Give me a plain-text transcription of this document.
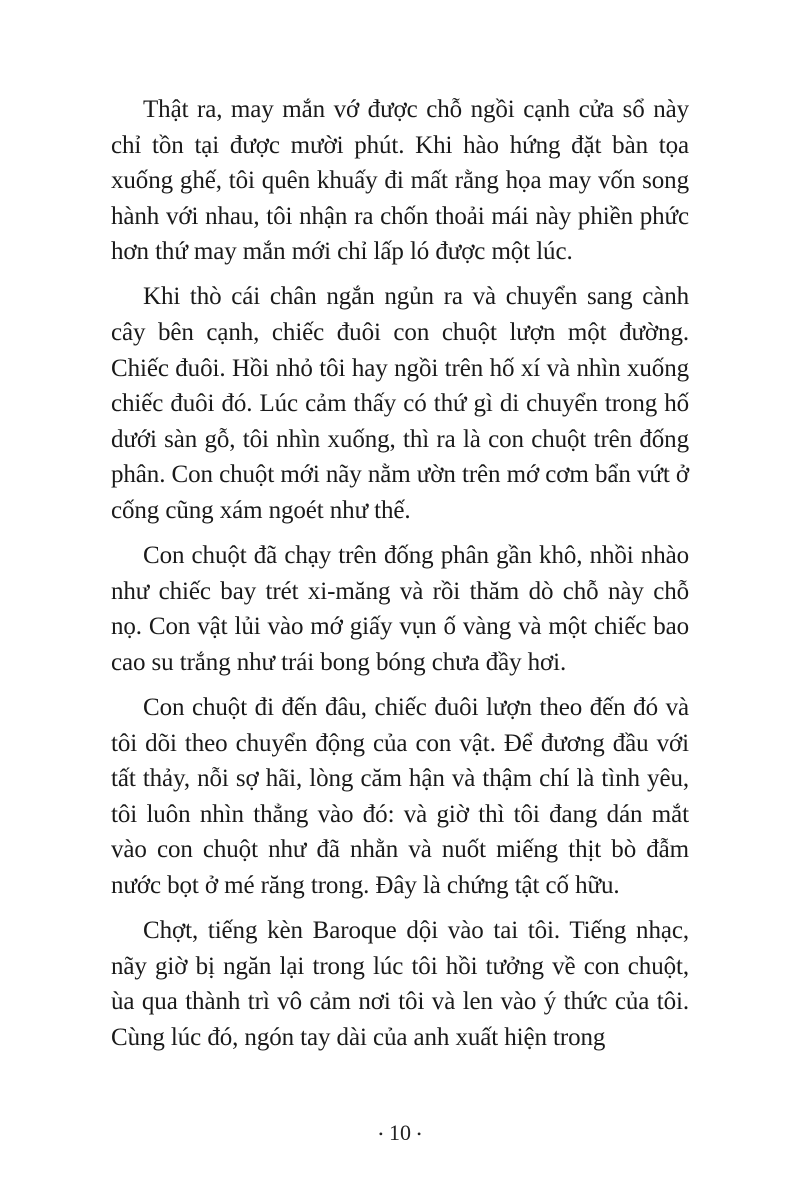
Thật ra, may mắn vớ được chỗ ngồi cạnh cửa sổ này chỉ tồn tại được mười phút. Khi hào hứng đặt bàn tọa xuống ghế, tôi quên khuấy đi mất rằng họa may vốn song hành với nhau, tôi nhận ra chốn thoải mái này phiền phức hơn thứ may mắn mới chỉ lấp ló được một lúc.

Khi thò cái chân ngắn ngủn ra và chuyển sang cành cây bên cạnh, chiếc đuôi con chuột lượn một đường. Chiếc đuôi. Hồi nhỏ tôi hay ngồi trên hố xí và nhìn xuống chiếc đuôi đó. Lúc cảm thấy có thứ gì di chuyển trong hố dưới sàn gỗ, tôi nhìn xuống, thì ra là con chuột trên đống phân. Con chuột mới nãy nằm ườn trên mớ cơm bẩn vứt ở cống cũng xám ngoét như thế.

Con chuột đã chạy trên đống phân gần khô, nhồi nhào như chiếc bay trét xi-măng và rồi thăm dò chỗ này chỗ nọ. Con vật lủi vào mớ giấy vụn ố vàng và một chiếc bao cao su trắng như trái bong bóng chưa đầy hơi.

Con chuột đi đến đâu, chiếc đuôi lượn theo đến đó và tôi dõi theo chuyển động của con vật. Để đương đầu với tất thảy, nỗi sợ hãi, lòng căm hận và thậm chí là tình yêu, tôi luôn nhìn thẳng vào đó: và giờ thì tôi đang dán mắt vào con chuột như đã nhằn và nuốt miếng thịt bò đẫm nước bọt ở mé răng trong. Đây là chứng tật cố hữu.

Chợt, tiếng kèn Baroque dội vào tai tôi. Tiếng nhạc, nãy giờ bị ngăn lại trong lúc tôi hồi tưởng về con chuột, ùa qua thành trì vô cảm nơi tôi và len vào ý thức của tôi. Cùng lúc đó, ngón tay dài của anh xuất hiện trong

• 10 •
